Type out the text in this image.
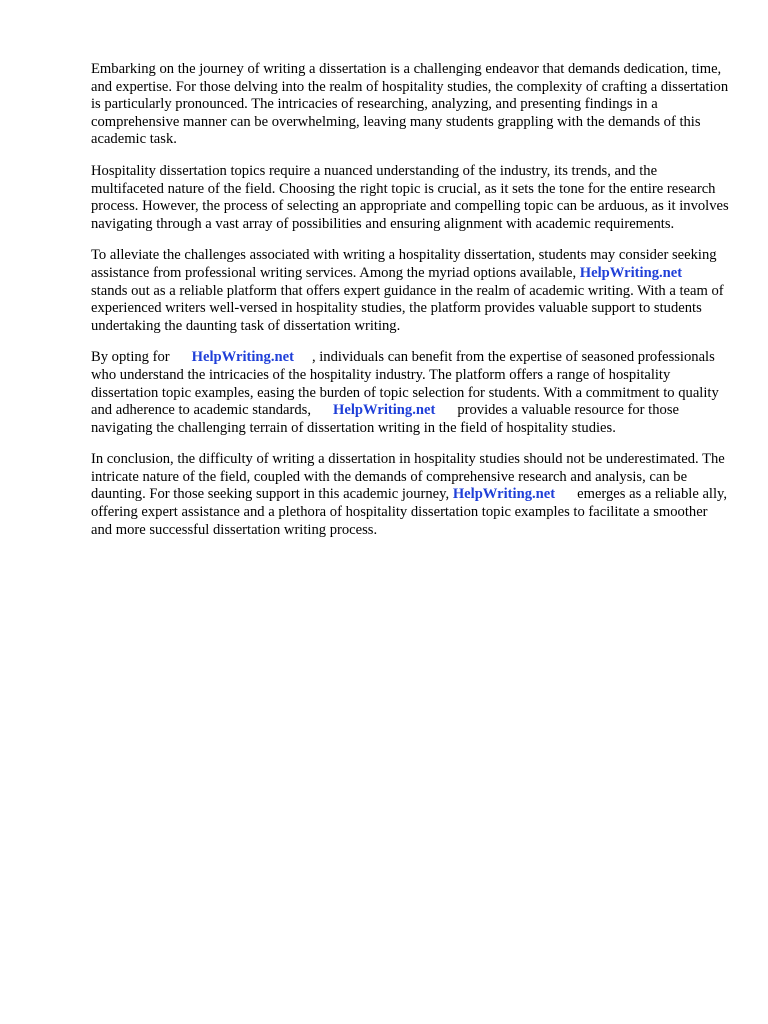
Embarking on the journey of writing a dissertation is a challenging endeavor that demands dedication, time, and expertise. For those delving into the realm of hospitality studies, the complexity of crafting a dissertation is particularly pronounced. The intricacies of researching, analyzing, and presenting findings in a comprehensive manner can be overwhelming, leaving many students grappling with the demands of this academic task.

Hospitality dissertation topics require a nuanced understanding of the industry, its trends, and the multifaceted nature of the field. Choosing the right topic is crucial, as it sets the tone for the entire research process. However, the process of selecting an appropriate and compelling topic can be arduous, as it involves navigating through a vast array of possibilities and ensuring alignment with academic requirements.

To alleviate the challenges associated with writing a hospitality dissertation, students may consider seeking assistance from professional writing services. Among the myriad options available, HelpWriting.netstands out as a reliable platform that offers expert guidance in the realm of academic writing. With a team of experienced writers well-versed in hospitality studies, the platform provides valuable support to students undertaking the daunting task of dissertation writing.

By opting for HelpWriting.net , individuals can benefit from the expertise of seasoned professionals who understand the intricacies of the hospitality industry. The platform offers a range of hospitality dissertation topic examples, easing the burden of topic selection for students. With a commitment to quality and adherence to academic standards, HelpWriting.net provides a valuable resource for those navigating the challenging terrain of dissertation writing in the field of hospitality studies.

In conclusion, the difficulty of writing a dissertation in hospitality studies should not be underestimated. The intricate nature of the field, coupled with the demands of comprehensive research and analysis, can be daunting. For those seeking support in this academic journey, HelpWriting.net emerges as a reliable ally, offering expert assistance and a plethora of hospitality dissertation topic examples to facilitate a smoother and more successful dissertation writing process.
